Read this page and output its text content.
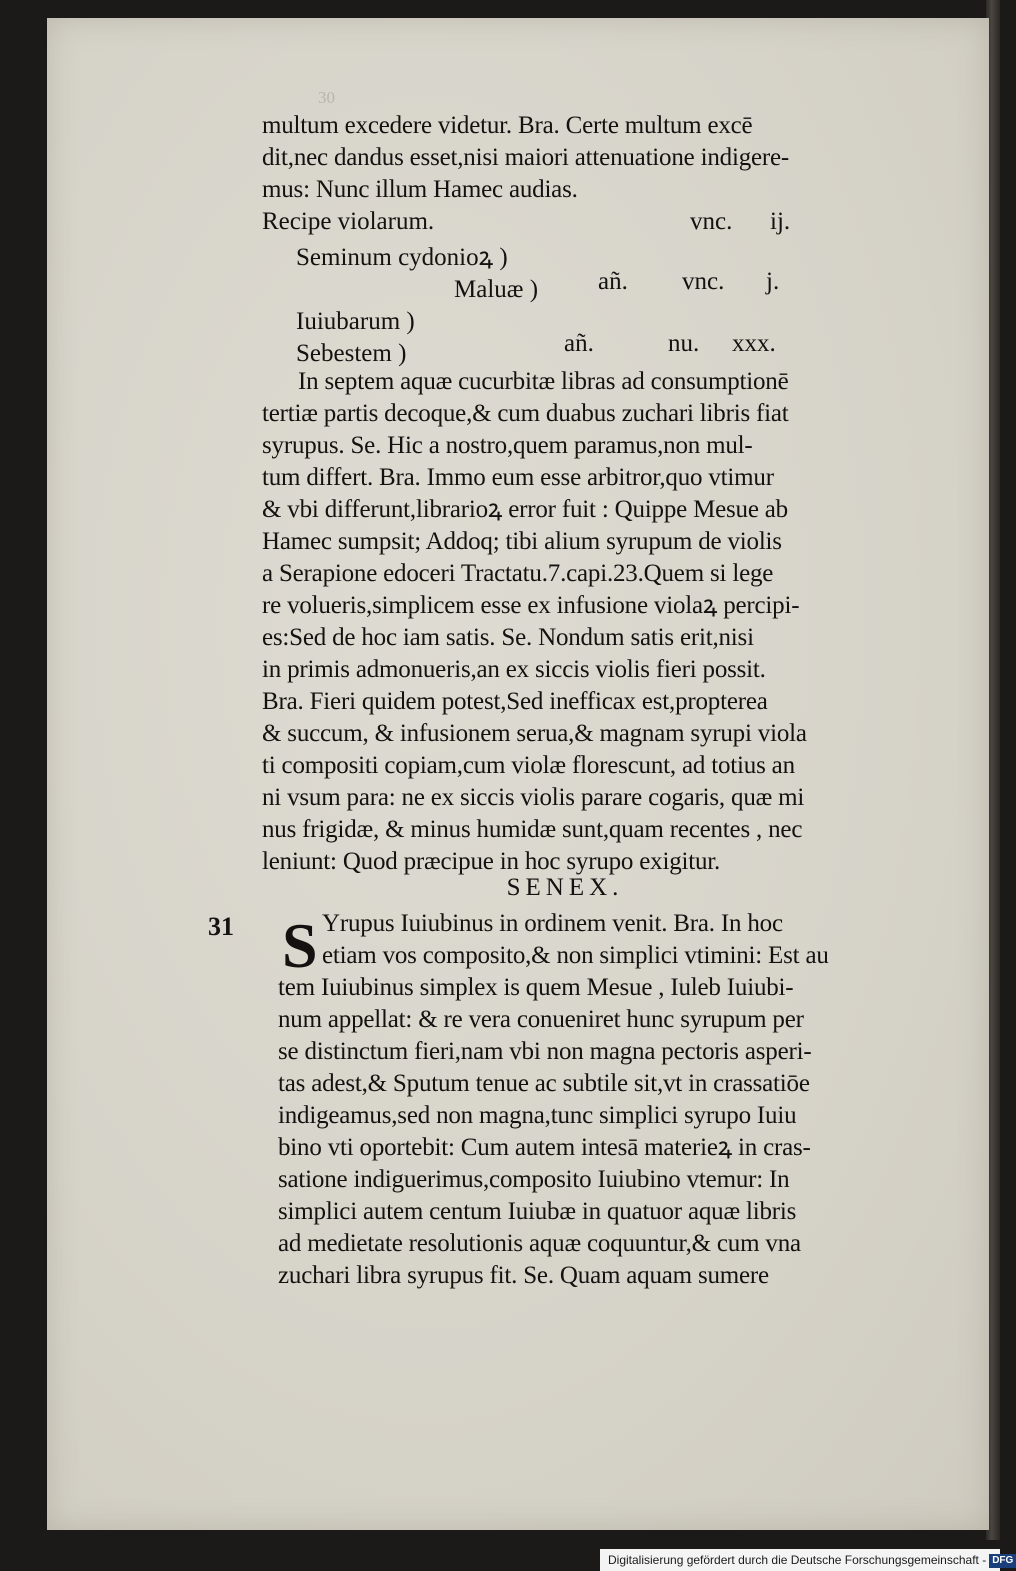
30
multum excedere videtur. Bra. Certe multum excē
dit,nec dandus esset,nisi maiori attenuatione indigere-
mus: Nunc illum Hamec audias.
Recipe violarum.	vnc. ij.
Seminum cydonioꝝ )
Maluæ ) añ. vnc. j.
Iuiubarum )
Sebestem )	añ.	nu. xxx.
In septem aquæ cucurbitæ libras ad consumptionē
tertiæ partis decoque,& cum duabus zuchari libris fiat
syrupus. Se. Hic a nostro,quem paramus,non mul-
tum differt. Bra. Immo eum esse arbitror,quo vtimur
& vbi differunt,librarioꝝ error fuit : Quippe Mesue ab
Hamec sumpsit; Addoq; tibi alium syrupum de violis
a Serapione edoceri Tractatu.7.capi.23.Quem si lege
re volueris,simplicem esse ex infusione violaꝝ percipi-
es:Sed de hoc iam satis. Se. Nondum satis erit,nisi
in primis admonueris,an ex siccis violis fieri possit.
Bra. Fieri quidem potest,Sed inefficax est,propterea
& succum, & infusionem serua,& magnam syrupi viola
ti compositi copiam,cum violæ florescunt, ad totius an
ni vsum para: ne ex siccis violis parare cogaris, quæ mi
nus frigidæ, & minus humidæ sunt,quam recentes , nec
leniunt: Quod præcipue in hoc syrupo exigitur.
SENEX.
31 S Yrupus Iuiubinus in ordinem venit. Bra. In hoc
etiam vos composito,& non simplici vtimini: Est au
tem Iuiubinus simplex is quem Mesue , Iuleb Iuiubi-
num appellat: & re vera conueniret hunc syrupum per
se distinctum fieri,nam vbi non magna pectoris asperi-
tas adest,& Sputum tenue ac subtile sit,vt in crassatiōe
indigeamus,sed non magna,tunc simplici syrupo Iuiu
bino vti oportebit: Cum autem intesā materieꝝ in cras-
satione indiguerimus,composito Iuiubino vtemur: In
simplici autem centum Iuiubæ in quatuor aquæ libris
ad medietate resolutionis aquæ coquuntur,& cum vna
zuchari libra syrupus fit. Se. Quam aquam sumere
Digitalisierung gefördert durch die Deutsche Forschungsgemeinschaft - DFG
